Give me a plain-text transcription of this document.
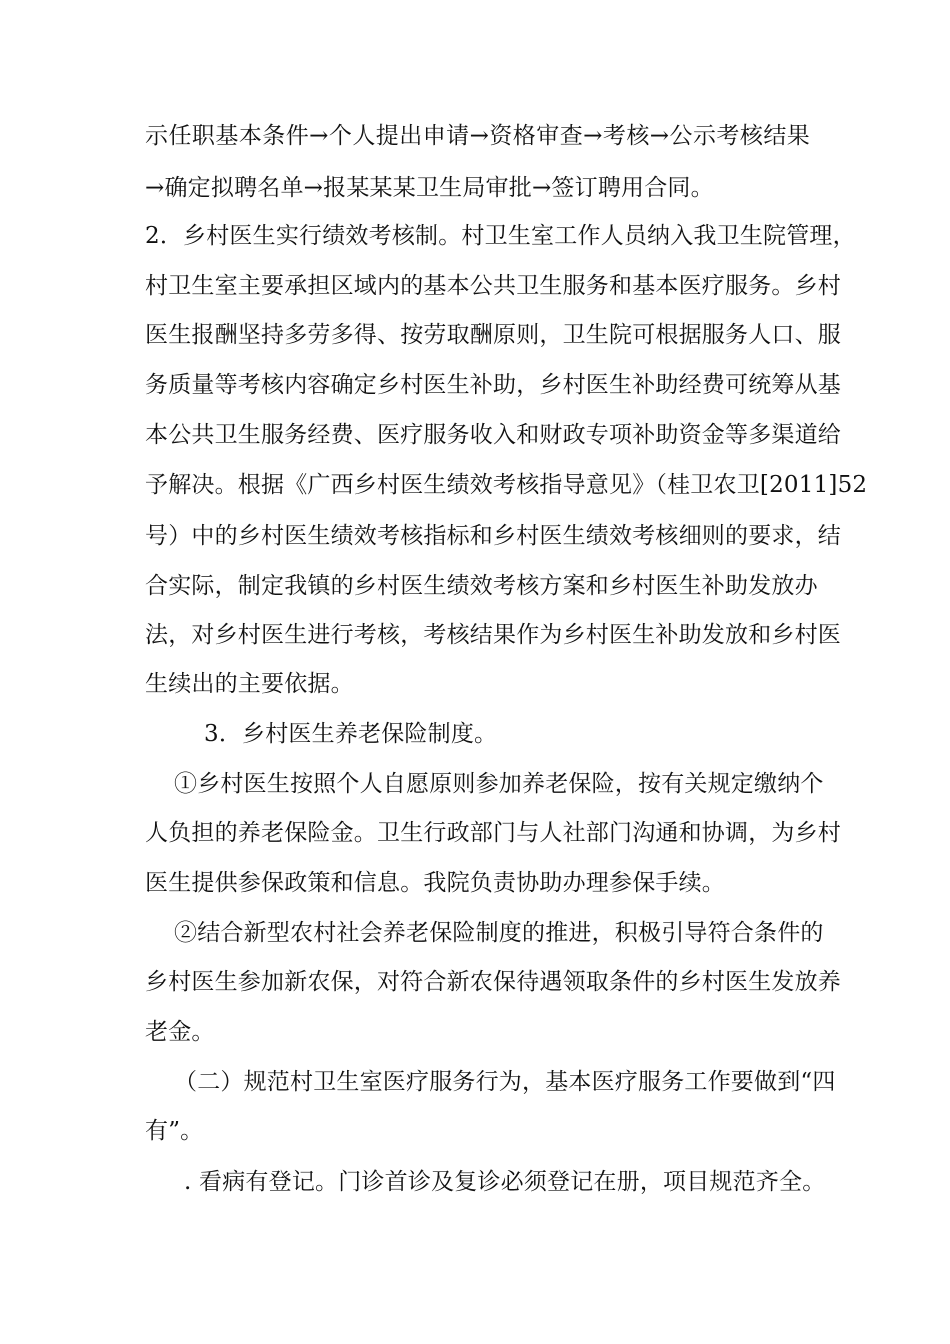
示任职基本条件→个人提出申请→资格审查→考核→公示考核结果
→确定拟聘名单→报某某某卫生局审批→签订聘用合同。
2．乡村医生实行绩效考核制。村卫生室工作人员纳入我卫生院管理，
村卫生室主要承担区域内的基本公共卫生服务和基本医疗服务。乡村
医生报酬坚持多劳多得、按劳取酬原则，卫生院可根据服务人口、服
务质量等考核内容确定乡村医生补助，乡村医生补助经费可统筹从基
本公共卫生服务经费、医疗服务收入和财政专项补助资金等多渠道给
予解决。根据《广西乡村医生绩效考核指导意见》（桂卫农卫[2011]52
号）中的乡村医生绩效考核指标和乡村医生绩效考核细则的要求，结
合实际，制定我镇的乡村医生绩效考核方案和乡村医生补助发放办
法，对乡村医生进行考核，考核结果作为乡村医生补助发放和乡村医
生续出的主要依据。
3．乡村医生养老保险制度。
①乡村医生按照个人自愿原则参加养老保险，按有关规定缴纳个
人负担的养老保险金。卫生行政部门与人社部门沟通和协调，为乡村
医生提供参保政策和信息。我院负责协助办理参保手续。
②结合新型农村社会养老保险制度的推进，积极引导符合条件的
乡村医生参加新农保，对符合新农保待遇领取条件的乡村医生发放养
老金。
（二）规范村卫生室医疗服务行为，基本医疗服务工作要做到“四
有”。
. 看病有登记。门诊首诊及复诊必须登记在册，项目规范齐全。
